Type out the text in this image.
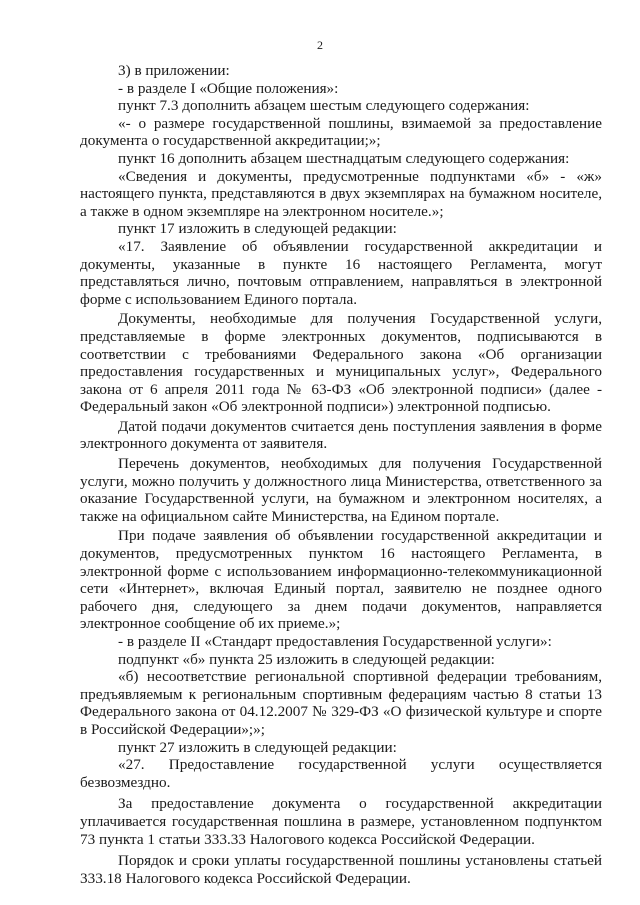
2

3) в приложении:

- в разделе I «Общие положения»:

пункт 7.3 дополнить абзацем шестым следующего содержания:

«- о размере государственной пошлины, взимаемой за предоставление документа о государственной аккредитации;»;

пункт 16 дополнить абзацем шестнадцатым следующего содержания:

«Сведения и документы, предусмотренные подпунктами «б» - «ж» настоящего пункта, представляются в двух экземплярах на бумажном носителе, а также в одном экземпляре на электронном носителе.»;

пункт 17 изложить в следующей редакции:

«17. Заявление об объявлении государственной аккредитации и документы, указанные в пункте 16 настоящего Регламента, могут представляться лично, почтовым отправлением, направляться в электронной форме с использованием Единого портала.

Документы, необходимые для получения Государственной услуги, представляемые в форме электронных документов, подписываются в соответствии с требованиями Федерального закона «Об организации предоставления государственных и муниципальных услуг», Федерального закона от 6 апреля 2011 года № 63-ФЗ «Об электронной подписи» (далее - Федеральный закон «Об электронной подписи») электронной подписью.

Датой подачи документов считается день поступления заявления в форме электронного документа от заявителя.

Перечень документов, необходимых для получения Государственной услуги, можно получить у должностного лица Министерства, ответственного за оказание Государственной услуги, на бумажном и электронном носителях, а также на официальном сайте Министерства, на Едином портале.

При подаче заявления об объявлении государственной аккредитации и документов, предусмотренных пунктом 16 настоящего Регламента, в электронной форме с использованием информационно-телекоммуникационной сети «Интернет», включая Единый портал, заявителю не позднее одного рабочего дня, следующего за днем подачи документов, направляется электронное сообщение об их приеме.»;

- в разделе II «Стандарт предоставления Государственной услуги»:

подпункт «б» пункта 25 изложить в следующей редакции:

«б) несоответствие региональной спортивной федерации требованиям, предъявляемым к региональным спортивным федерациям частью 8 статьи 13 Федерального закона от 04.12.2007 № 329-ФЗ «О физической культуре и спорте в Российской Федерации»;»;

пункт 27 изложить в следующей редакции:

«27. Предоставление государственной услуги осуществляется безвозмездно.

За предоставление документа о государственной аккредитации уплачивается государственная пошлина в размере, установленном подпунктом 73 пункта 1 статьи 333.33 Налогового кодекса Российской Федерации.

Порядок и сроки уплаты государственной пошлины установлены статьей 333.18 Налогового кодекса Российской Федерации.
